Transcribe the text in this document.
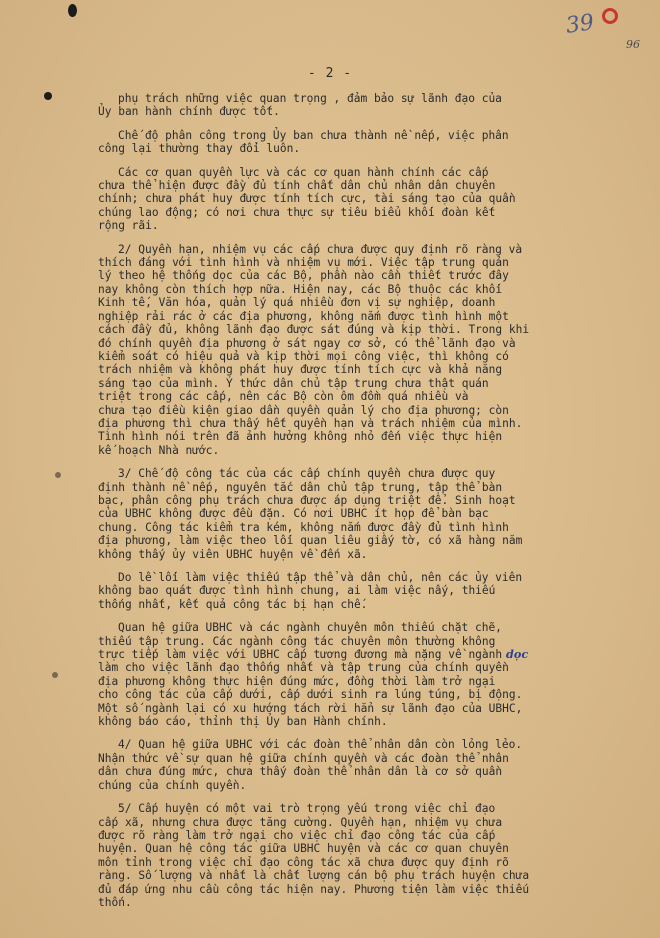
39
96
- 2 -
phụ trách những việc quan trọng , đảm bảo sự lãnh đạo của
Ủy ban hành chính được tốt.
Chế độ phân công trong Ủy ban chưa thành nề nếp, việc phân
công lại thường thay đổi luôn.
Các cơ quan quyền lực và các cơ quan hành chính các cấp
chưa thể hiện được đầy đủ tính chất dân chủ nhân dân chuyên
chính; chưa phát huy được tính tích cực, tài sáng tạo của quần
chúng lao động; có nơi chưa thực sự tiêu biểu khối đoàn kết
rộng rãi.
2/ Quyền hạn, nhiệm vụ các cấp chưa được quy định rõ ràng và
thích đáng với tình hình và nhiệm vụ mới. Việc tập trung quản
lý theo hệ thống dọc của các Bộ, phần nào cần thiết trước đây
nay không còn thích hợp nữa. Hiện nay, các Bộ thuộc các khối
Kinh tế, Văn hóa, quản lý quá nhiều đơn vị sự nghiệp, doanh
nghiệp rải rác ở các địa phương, không nắm được tình hình một
cách đầy đủ, không lãnh đạo được sát đúng và kịp thời. Trong khi
đó chính quyền địa phương ở sát ngay cơ sở, có thể lãnh đạo và
kiểm soát có hiệu quả và kịp thời mọi công việc, thì không có
trách nhiệm và không phát huy được tính tích cực và khả năng
sáng tạo của mình. Ý thức dân chủ tập trung chưa thật quán
triệt trong các cấp, nên các Bộ còn ôm đồm quá nhiều và
chưa tạo điều kiện giao dần quyền quản lý cho địa phương; còn
địa phương thì chưa thấy hết quyền hạn và trách nhiệm của mình.
Tình hình nói trên đã ảnh hưởng không nhỏ đến việc thực hiện
kế hoạch Nhà nước.
3/ Chế độ công tác của các cấp chính quyền chưa được quy
định thành nề nếp, nguyên tắc dân chủ tập trung, tập thể bàn
bạc, phân công phụ trách chưa được áp dụng triệt để. Sinh hoạt
của UBHC không được đều đặn. Có nơi UBHC ít họp để bàn bạc
chung. Công tác kiểm tra kém, không nắm được đầy đủ tình hình
địa phương, làm việc theo lối quan liêu giấy tờ, có xã hàng năm
không thấy ủy viên UBHC huyện về đến xã.
Do lề lối làm việc thiếu tập thể và dân chủ, nên các ủy viên
không bao quát được tình hình chung, ai làm việc nấy, thiếu
thống nhất, kết quả công tác bị hạn chế.
Quan hệ giữa UBHC và các ngành chuyên môn thiếu chặt chẽ,
thiếu tập trung. Các ngành công tác chuyên môn thường không
trực tiếp làm việc với UBHC cấp tương đương mà nặng về ngành dọc
làm cho việc lãnh đạo thống nhất và tập trung của chính quyền
địa phương không thực hiện đúng mức, đồng thời làm trở ngại
cho công tác của cấp dưới, cấp dưới sinh ra lúng túng, bị động.
Một số ngành lại có xu hướng tách rời hẳn sự lãnh đạo của UBHC,
không báo cáo, thỉnh thị Ủy ban Hành chính.
4/ Quan hệ giữa UBHC với các đoàn thể nhân dân còn lỏng lẻo.
Nhận thức về sự quan hệ giữa chính quyền và các đoàn thể nhân
dân chưa đúng mức, chưa thấy đoàn thể nhân dân là cơ sở quần
chúng của chính quyền.
5/ Cấp huyện có một vai trò trọng yếu trong việc chỉ đạo
cấp xã, nhưng chưa được tăng cường. Quyền hạn, nhiệm vụ chưa
được rõ ràng làm trở ngại cho việc chỉ đạo công tác của cấp
huyện. Quan hệ công tác giữa UBHC huyện và các cơ quan chuyên
môn tỉnh trong việc chỉ đạo công tác xã chưa được quy định rõ
ràng. Số lượng và nhất là chất lượng cán bộ phụ trách huyện chưa
đủ đáp ứng nhu cầu công tác hiện nay. Phương tiện làm việc thiếu
thốn.
